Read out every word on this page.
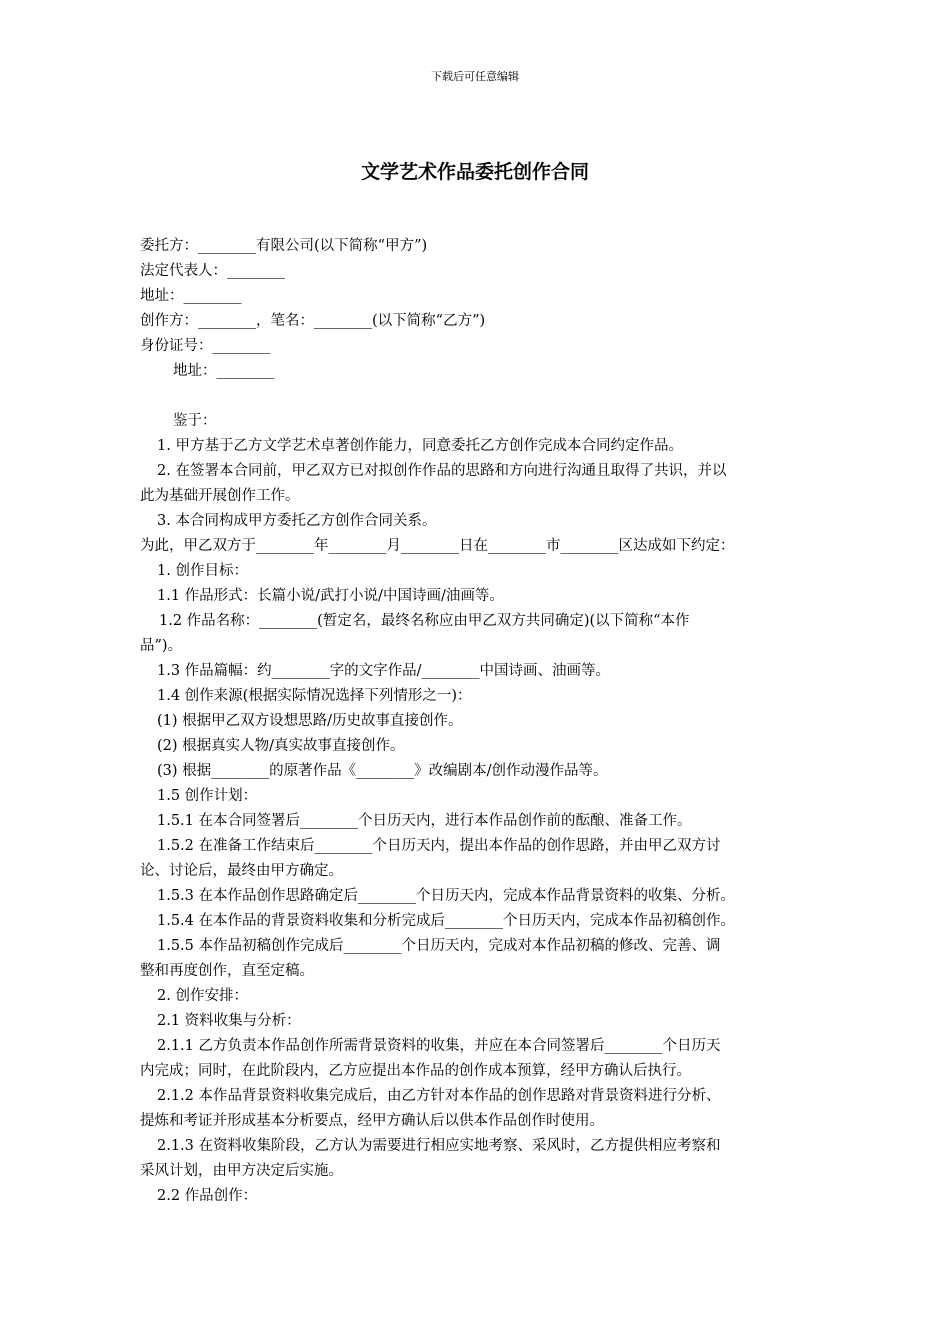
下载后可任意编辑
文学艺术作品委托创作合同
委托方：________有限公司(以下简称“甲方”)
法定代表人：________
地址：________
创作方：________，笔名：________(以下简称“乙方”)
身份证号：________
地址：________
鉴于：
1. 甲方基于乙方文学艺术卓著创作能力，同意委托乙方创作完成本合同约定作品。
2. 在签署本合同前，甲乙双方已对拟创作作品的思路和方向进行沟通且取得了共识，并以
此为基础开展创作工作。
3. 本合同构成甲方委托乙方创作合同关系。
为此，甲乙双方于________年________月________日在________市________区达成如下约定：
1. 创作目标：
1.1 作品形式：长篇小说/武打小说/中国诗画/油画等。
1.2 作品名称：________(暂定名，最终名称应由甲乙双方共同确定)(以下简称“本作
品”)。
1.3 作品篇幅：约________字的文字作品/________中国诗画、油画等。
1.4 创作来源(根据实际情况选择下列情形之一)：
(1) 根据甲乙双方设想思路/历史故事直接创作。
(2) 根据真实人物/真实故事直接创作。
(3) 根据________的原著作品《________》改编剧本/创作动漫作品等。
1.5 创作计划：
1.5.1 在本合同签署后________个日历天内，进行本作品创作前的酝酿、准备工作。
1.5.2 在准备工作结束后________个日历天内，提出本作品的创作思路，并由甲乙双方讨
论、讨论后，最终由甲方确定。
1.5.3 在本作品创作思路确定后________个日历天内，完成本作品背景资料的收集、分析。
1.5.4 在本作品的背景资料收集和分析完成后________个日历天内，完成本作品初稿创作。
1.5.5 本作品初稿创作完成后________个日历天内，完成对本作品初稿的修改、完善、调
整和再度创作，直至定稿。
2. 创作安排：
2.1 资料收集与分析：
2.1.1 乙方负责本作品创作所需背景资料的收集，并应在本合同签署后________个日历天
内完成；同时，在此阶段内，乙方应提出本作品的创作成本预算，经甲方确认后执行。
2.1.2 本作品背景资料收集完成后，由乙方针对本作品的创作思路对背景资料进行分析、
提炼和考证并形成基本分析要点，经甲方确认后以供本作品创作时使用。
2.1.3 在资料收集阶段，乙方认为需要进行相应实地考察、采风时，乙方提供相应考察和
采风计划，由甲方决定后实施。
2.2 作品创作：
